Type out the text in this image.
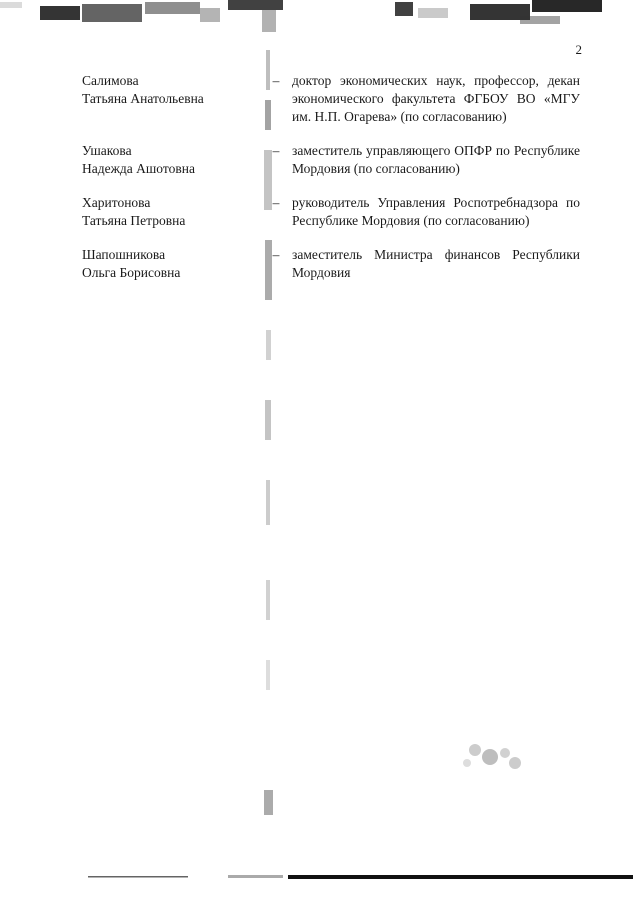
2
Салимова
Татьяна Анатольевна
– доктор экономических наук, профессор, декан экономического факультета ФГБОУ ВО «МГУ им. Н.П. Огарева» (по согласованию)
Ушакова
Надежда Ашотовна
– заместитель управляющего ОПФР по Республике Мордовия (по согласованию)
Харитонова
Татьяна Петровна
– руководитель Управления Роспотребнадзора по Республике Мордовия (по согласованию)
Шапошникова
Ольга Борисовна
– заместитель Министра финансов Республики Мордовия
